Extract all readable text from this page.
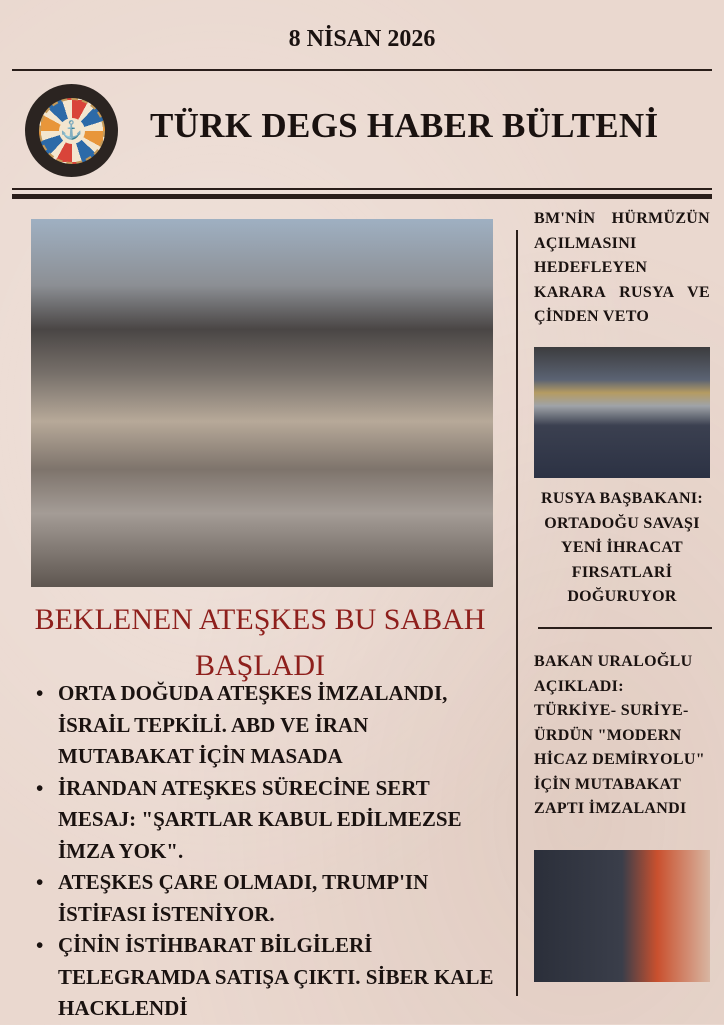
8 NİSAN 2026
⚓ TÜRK DEGS HABER BÜLTENİ
BEKLENEN ATEŞKES BU SABAH BAŞLADI
• ORTA DOĞUDA ATEŞKES İMZALANDI, İSRAİL TEPKİLİ. ABD VE İRAN MUTABAKAT İÇİN MASADA
• İRANDAN ATEŞKES SÜRECİNE SERT MESAJ: "ŞARTLAR KABUL EDİLMEZSE İMZA YOK".
• ATEŞKES ÇARE OLMADI, TRUMP'IN İSTİFASI İSTENİYOR.
• ÇİNİN İSTİHBARAT BİLGİLERİ TELEGRAMDA SATIŞA ÇIKTI. SİBER KALE HACKLENDİ
BM'NİN HÜRMÜZÜN AÇILMASINI HEDEFLEYEN KARARA RUSYA VE ÇİNDEN VETO
RUSYA BAŞBAKANI: ORTADOĞU SAVAŞI YENİ İHRACAT FIRSATLARİ DOĞURUYOR
BAKAN URALOĞLU AÇIKLADI: TÜRKİYE- SURİYE- ÜRDÜN "MODERN HİCAZ DEMİRYOLU" İÇİN MUTABAKAT ZAPTI İMZALANDI
